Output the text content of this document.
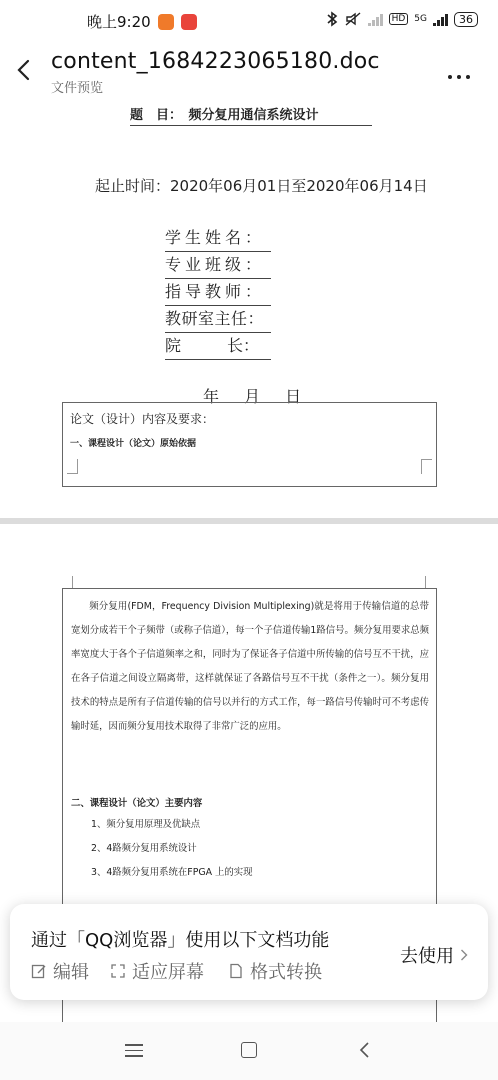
晚上9:20	HD	5G	36
content_1684223065180.doc
文件预览
题　目：　频分复用通信系统设计
起止时间：2020年06月01日至2020年06月14日
学生姓名：
专业班级：
指导教师：
教研室主任：
院	长：
年 月 日
论文（设计）内容及要求：
一、课程设计（论文）原始依据
频分复用(FDM，Frequency Division Multiplexing)就是将用于传输信道的总带宽划分成若干个子频带（或称子信道），每一个子信道传输1路信号。频分复用要求总频率宽度大于各个子信道频率之和，同时为了保证各子信道中所传输的信号互不干扰，应在各子信道之间设立隔离带，这样就保证了各路信号互不干扰（条件之一）。频分复用技术的特点是所有子信道传输的信号以并行的方式工作，每一路信号传输时可不考虑传输时延，因而频分复用技术取得了非常广泛的应用。
二、课程设计（论文）主要内容
1、频分复用原理及优缺点
2、4路频分复用系统设计
3、4路频分复用系统在FPGA 上的实现
通过「QQ浏览器」使用以下文档功能
编辑 适应屏幕	格式转换
去使用
